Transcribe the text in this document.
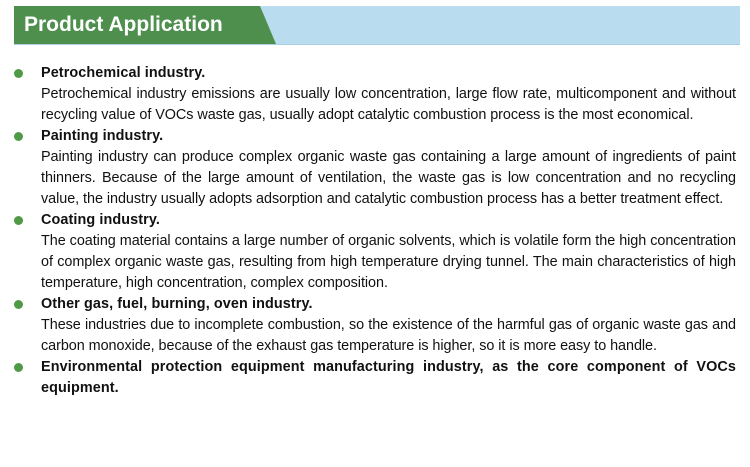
Product Application
Petrochemical industry.
Petrochemical industry emissions are usually low concentration, large flow rate, multicomponent and without recycling value of VOCs waste gas, usually adopt catalytic combustion process is the most economical.
Painting industry.
Painting industry can produce complex organic waste gas containing a large amount of ingredients of paint thinners. Because of the large amount of ventilation, the waste gas is low concentration and no recycling value, the industry usually adopts adsorption and catalytic combustion process has a better treatment effect.
Coating industry.
The coating material contains a large number of organic solvents, which is volatile form the high concentration of complex organic waste gas, resulting from high temperature drying tunnel. The main characteristics of high temperature, high concentration, complex composition.
Other gas, fuel, burning, oven industry.
These industries due to incomplete combustion, so the existence of the harmful gas of organic waste gas and carbon monoxide, because of the exhaust gas temperature is higher, so it is more easy to handle.
Environmental protection equipment manufacturing industry, as the core component of VOCs equipment.
